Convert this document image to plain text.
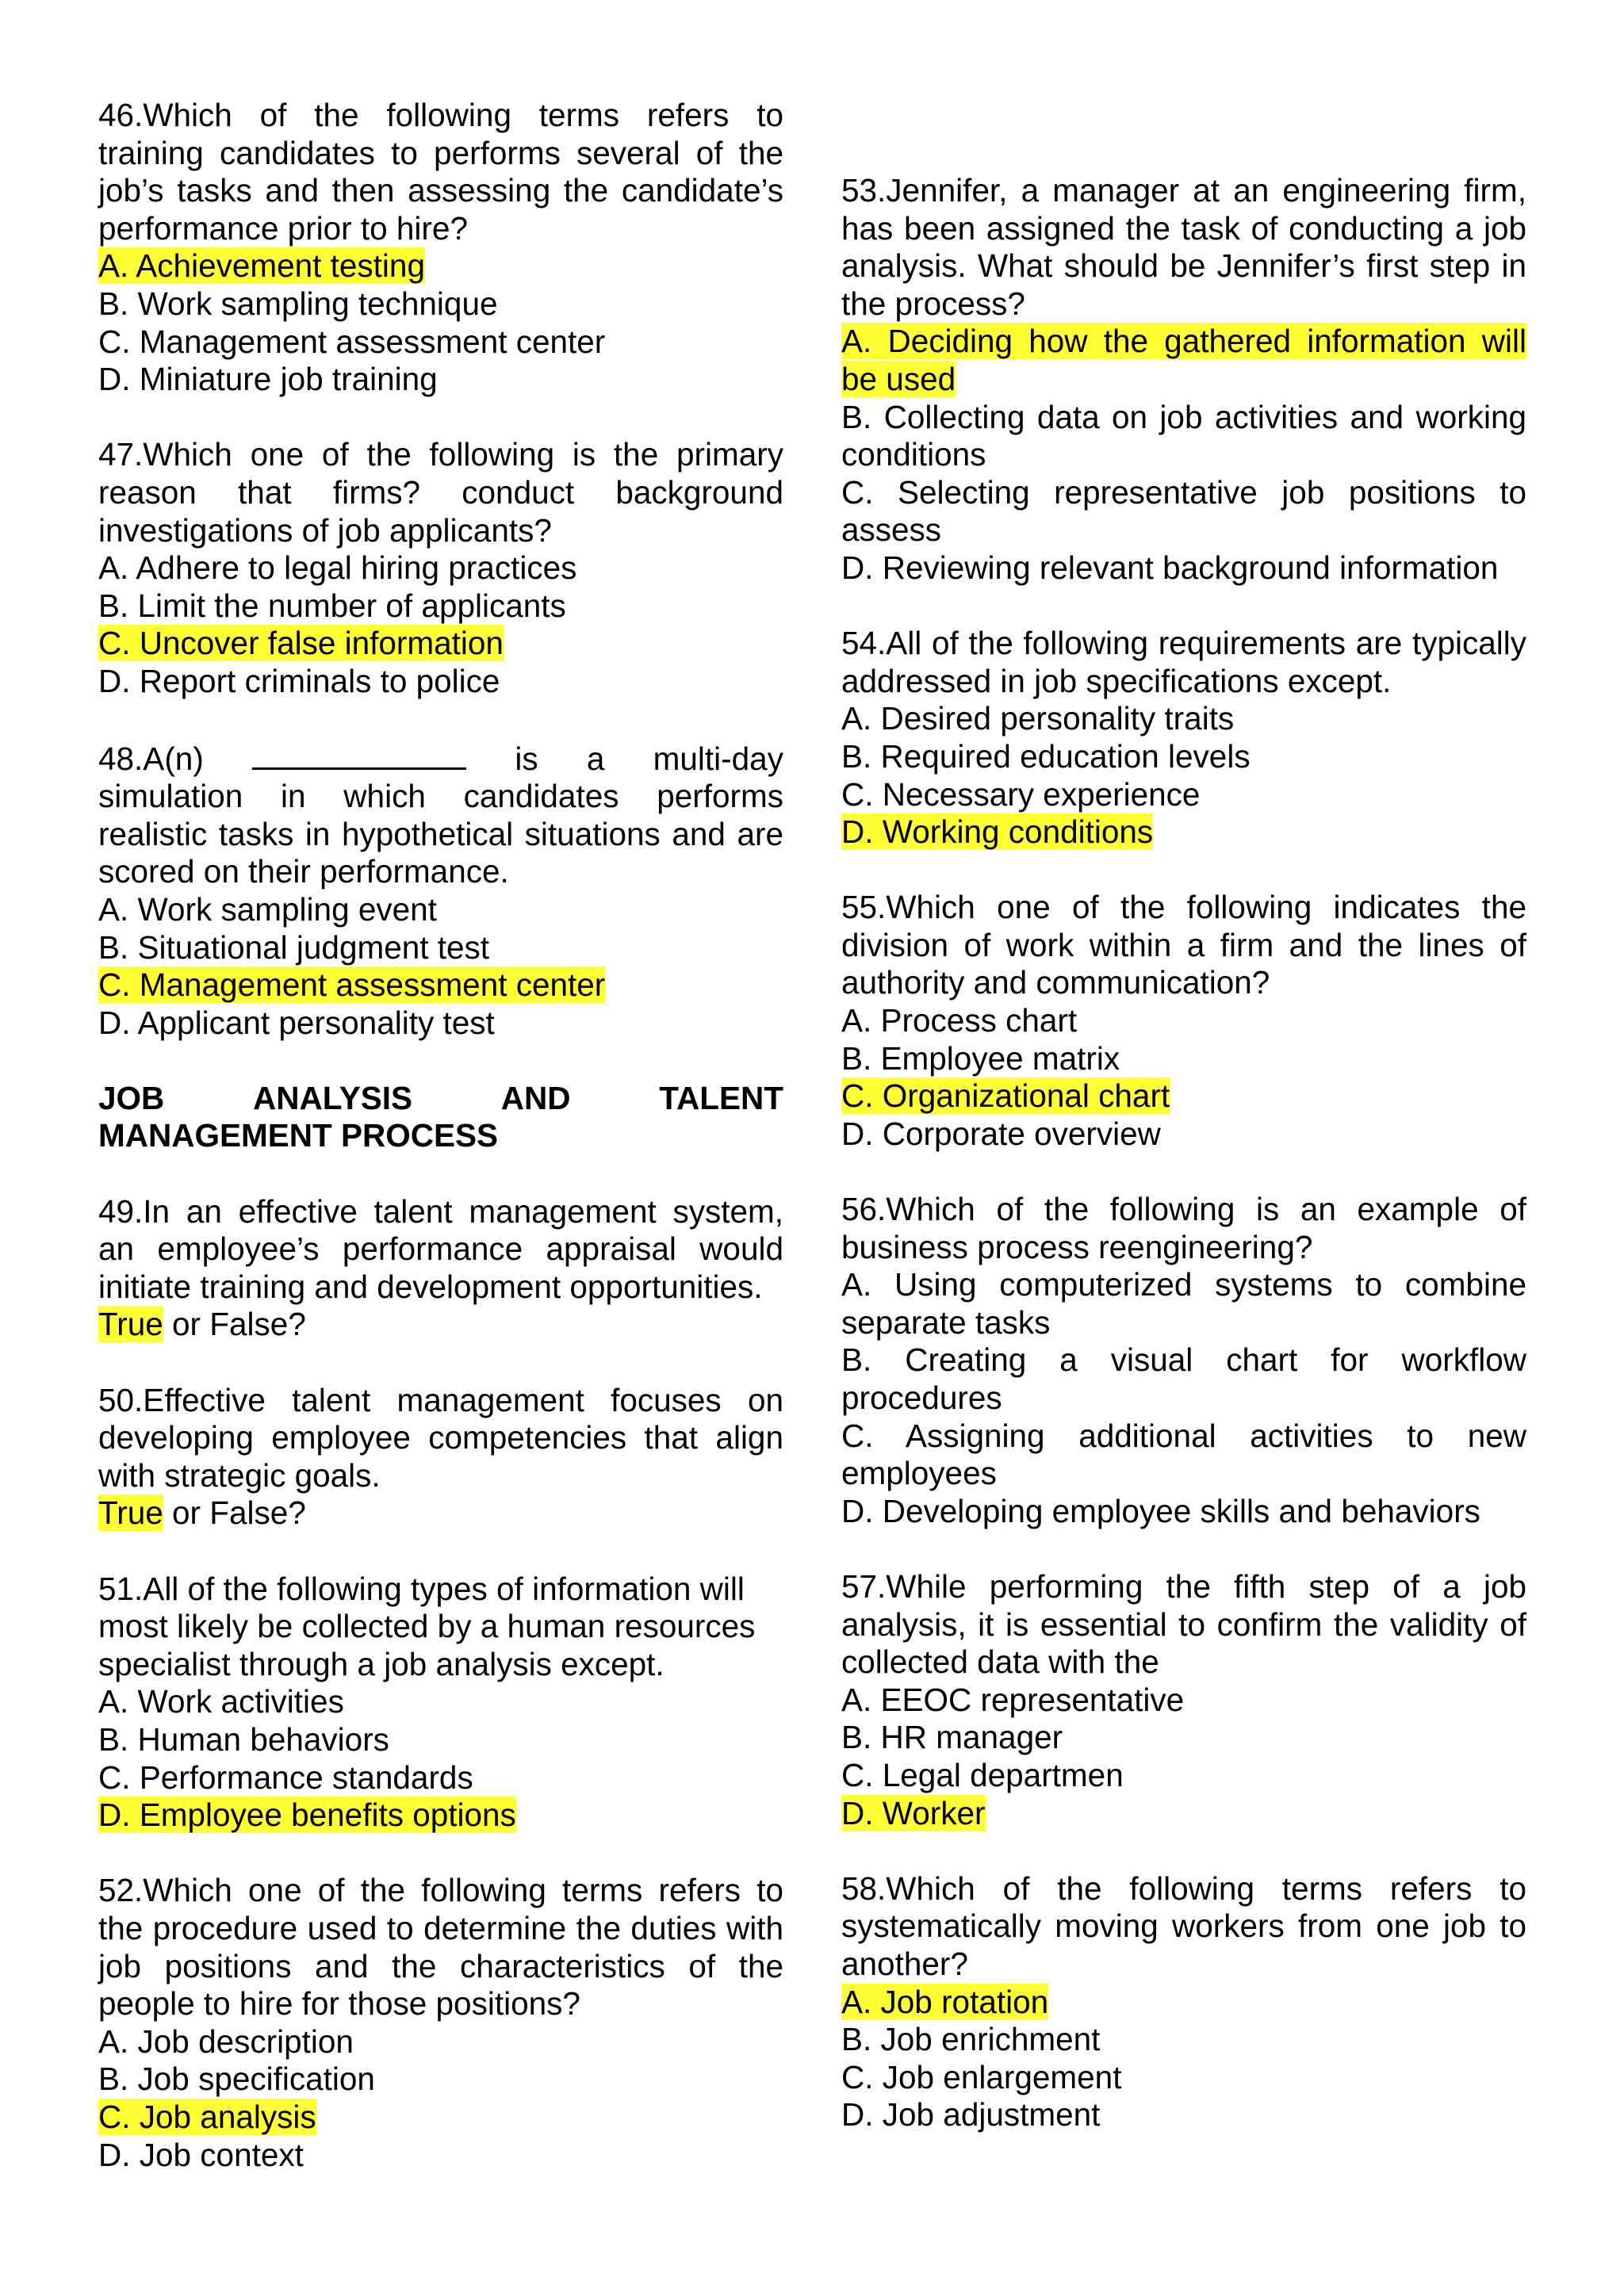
46.Which of the following terms refers to training candidates to performs several of the job’s tasks and then assessing the candidate’s performance prior to hire?

A. Achievement testing

B. Work sampling technique

C. Management assessment center

D. Miniature job training

47.Which one of the following is the primary reason that firms? conduct background investigations of job applicants?

A. Adhere to legal hiring practices

B. Limit the number of applicants

C. Uncover false information

D. Report criminals to police

48.A(n)	is a multi-day

simulation in which candidates performs realistic tasks in hypothetical situations and are scored on their performance.

A. Work sampling event

B. Situational judgment test

C. Management assessment center

D. Applicant personality test

JOB	ANALYSIS	AND	TALENT
MANAGEMENT PROCESS

49.In an effective talent management system, an employee’s performance appraisal would initiate training and development opportunities.

True or False?

50.Effective talent management focuses on developing employee competencies that align with strategic goals.

True or False?

51.All of the following types of information will most likely be collected by a human resources specialist through a job analysis except.

A. Work activities

B. Human behaviors

C. Performance standards

D. Employee benefits options

52.Which one of the following terms refers to the procedure used to determine the duties with job positions and the characteristics of the people to hire for those positions?

A. Job description

B. Job specification

C. Job analysis

D. Job context

53.Jennifer, a manager at an engineering firm, has been assigned the task of conducting a job analysis. What should be Jennifer’s first step in the process?

A. Deciding how the gathered information will be used

B. Collecting data on job activities and working conditions

C. Selecting representative job positions to assess

D. Reviewing relevant background information

54.All of the following requirements are typically addressed in job specifications except.

A. Desired personality traits

B. Required education levels

C. Necessary experience

D. Working conditions

55.Which one of the following indicates the division of work within a firm and the lines of authority and communication?

A. Process chart

B. Employee matrix

C. Organizational chart

D. Corporate overview

56.Which of the following is an example of business process reengineering?

A. Using computerized systems to combine separate tasks

B. Creating a visual chart for workflow procedures

C. Assigning additional activities to new employees

D. Developing employee skills and behaviors

57.While performing the fifth step of a job analysis, it is essential to confirm the validity of collected data with the

A. EEOC representative

B. HR manager

C. Legal departmen

D. Worker

58.Which of the following terms refers to systematically moving workers from one job to another?

A. Job rotation

B. Job enrichment

C. Job enlargement

D. Job adjustment
